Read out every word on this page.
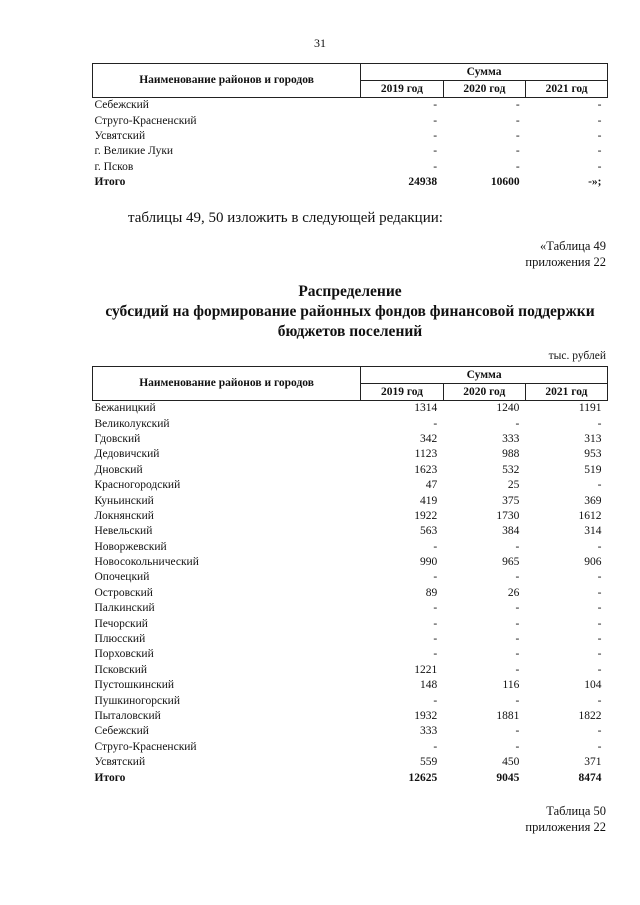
31
Наименование районов и городов	Сумма		
	2019 год	2020 год	2021 год
Себежский	-	-	-
Струго-Красненский	-	-	-
Усвятский	-	-	-
г. Великие Луки	-	-	-
г. Псков	-	-	-
Итого	24938	10600	-»;
таблицы 49, 50 изложить в следующей редакции:
«Таблица 49
приложения 22
Распределение
субсидий на формирование районных фондов финансовой поддержки
бюджетов поселений
тыс. рублей
Наименование районов и городов	Сумма		
	2019 год	2020 год	2021 год
Бежаницкий	1314	1240	1191
Великолукский	-	-	-
Гдовский	342	333	313
Дедовичский	1123	988	953
Дновский	1623	532	519
Красногородский	47	25	-
Куньинский	419	375	369
Локнянский	1922	1730	1612
Невельский	563	384	314
Новоржевский	-	-	-
Новосокольнический	990	965	906
Опочецкий	-	-	-
Островский	89	26	-
Палкинский	-	-	-
Печорский	-	-	-
Плюсский	-	-	-
Порховский	-	-	-
Псковский	1221	-	-
Пустошкинский	148	116	104
Пушкиногорский	-	-	-
Пыталовский	1932	1881	1822
Себежский	333	-	-
Струго-Красненский	-	-	-
Усвятский	559	450	371
Итого	12625	9045	8474
Таблица 50
приложения 22
